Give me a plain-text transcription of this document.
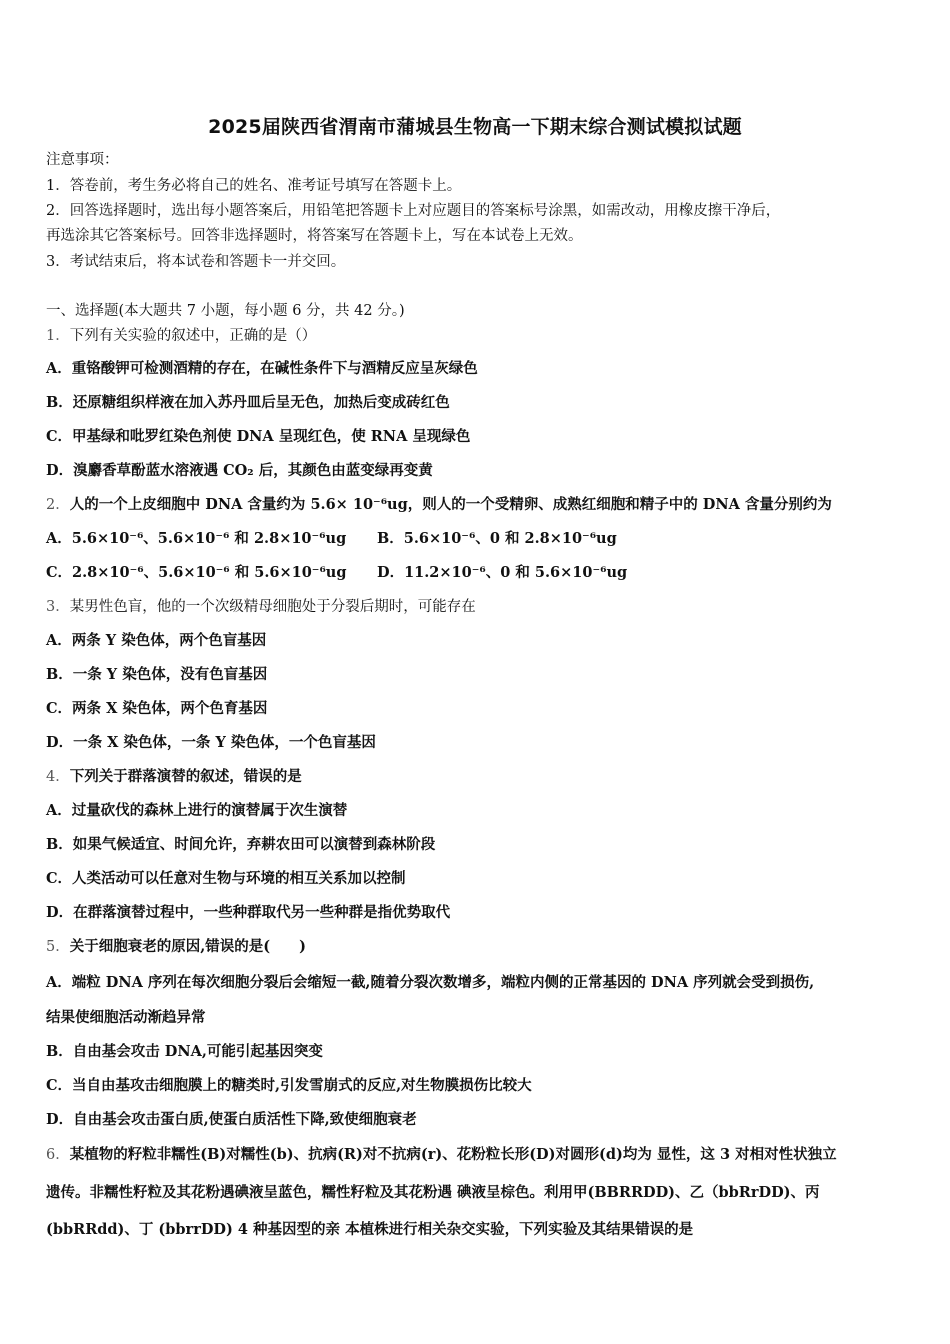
2025届陕西省渭南市蒲城县生物高一下期末综合测试模拟试题
注意事项：
1．答卷前，考生务必将自己的姓名、准考证号填写在答题卡上。
2．回答选择题时，选出每小题答案后，用铅笔把答题卡上对应题目的答案标号涂黑，如需改动，用橡皮擦干净后，
再选涂其它答案标号。回答非选择题时，将答案写在答题卡上，写在本试卷上无效。
3．考试结束后，将本试卷和答题卡一并交回。
一、选择题(本大题共 7 小题，每小题 6 分，共 42 分。)
1．下列有关实验的叙述中，正确的是（）
A．重铬酸钾可检测酒精的存在，在碱性条件下与酒精反应呈灰绿色
B．还原糖组织样液在加入苏丹皿后呈无色，加热后变成砖红色
C．甲基绿和吡罗红染色剂使 DNA 呈现红色，使 RNA 呈现绿色
D．溴麝香草酚蓝水溶液遇 CO₂ 后，其颜色由蓝变绿再变黄
2．人的一个上皮细胞中 DNA 含量约为 5.6× 10⁻⁶ug，则人的一个受精卵、成熟红细胞和精子中的 DNA 含量分别约为
A．5.6×10⁻⁶、5.6×10⁻⁶ 和 2.8×10⁻⁶ug B．5.6×10⁻⁶、0 和 2.8×10⁻⁶ug
C．2.8×10⁻⁶、5.6×10⁻⁶ 和 5.6×10⁻⁶ug D．11.2×10⁻⁶、0 和 5.6×10⁻⁶ug
3．某男性色盲，他的一个次级精母细胞处于分裂后期时，可能存在
A．两条 Y 染色体，两个色盲基因
B．一条 Y 染色体，没有色盲基因
C．两条 X 染色体，两个色育基因
D．一条 X 染色体，一条 Y 染色体，一个色盲基因
4．下列关于群落演替的叙述，错误的是
A．过量砍伐的森林上进行的演替属于次生演替
B．如果气候适宜、时间允许，弃耕农田可以演替到森林阶段
C．人类活动可以任意对生物与环境的相互关系加以控制
D．在群落演替过程中，一些种群取代另一些种群是指优势取代
5．关于细胞衰老的原因,错误的是(　　)
A．端粒 DNA 序列在每次细胞分裂后会缩短一截,随着分裂次数增多，端粒内侧的正常基因的 DNA 序列就会受到损伤,
结果使细胞活动渐趋异常
B．自由基会攻击 DNA,可能引起基因突变
C．当自由基攻击细胞膜上的糖类时,引发雪崩式的反应,对生物膜损伤比较大
D．自由基会攻击蛋白质,使蛋白质活性下降,致使细胞衰老
6．某植物的籽粒非糯性(B)对糯性(b)、抗病(R)对不抗病(r)、花粉粒长形(D)对圆形(d)均为 显性，这 3 对相对性状独立
遗传。非糯性籽粒及其花粉遇碘液呈蓝色，糯性籽粒及其花粉遇 碘液呈棕色。利用甲(BBRRDD)、乙（bbRrDD)、丙
(bbRRdd)、丁 (bbrrDD) 4 种基因型的亲 本植株进行相关杂交实验，下列实验及其结果错误的是
